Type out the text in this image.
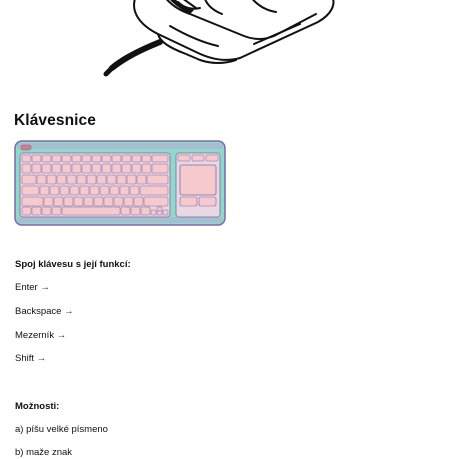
Klávesnice

Spoj klávesu s její funkcí:

Enter →

Backspace →

Mezerník →

Shift →

Možnosti:

a) píšu velké písmeno

b) maže znak
